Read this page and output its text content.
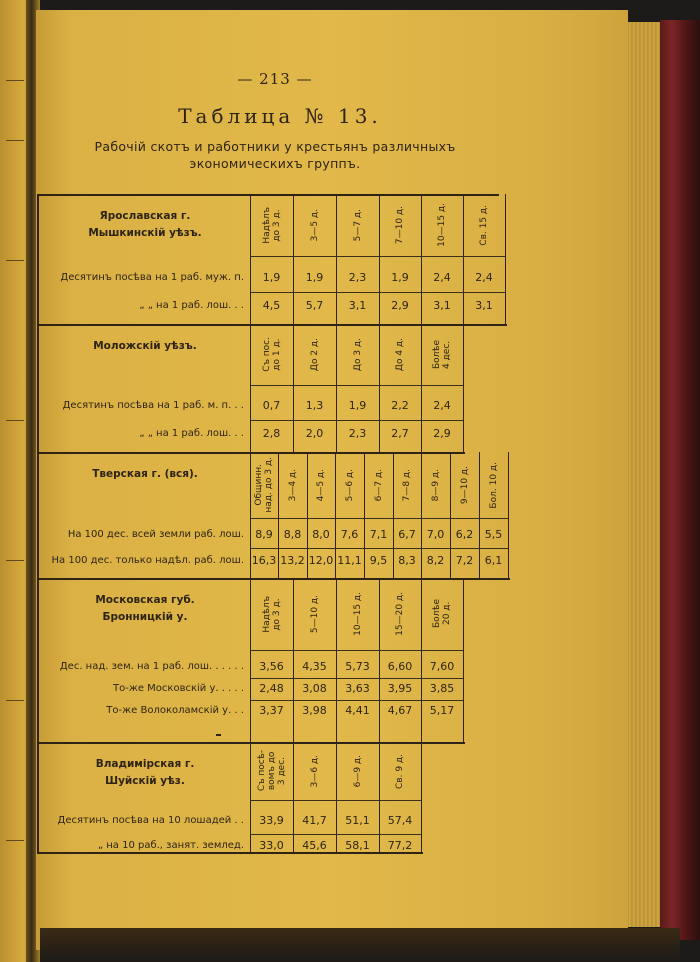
— 213 —
Таблица № 13.
Рабочій скотъ и работники у крестьянъ различныхъ экономическихъ группъ.
Ярославская г.
Мышкинскій уѣзъ.	Надѣлъ
до 3 д.	3—5 д.	5—7 д.	7—10 д.	10—15 д.	Св. 15 д.
Десятинъ посѣва на 1 раб. муж. п.	1,9	1,9	2,3	1,9	2,4	2,4
„ „ на 1 раб. лош. . .	4,5	5,7	3,1	2,9	3,1	3,1
Моложскій уѣзъ.
Съ пос.
до 1 д.	До 2 д.	До 3 д.	До 4 д.	Болѣе
4 дес.
Десятинъ посѣва на 1 раб. м. п. . .	0,7	1,3	1,9	2,2	2,4
„ „ на 1 раб. лош. . .	2,8	2,0	2,3	2,7	2,9
Тверская г. (вся).	Общинн.
над. до 3 д.
3—4 д. 4—5 д. 5—6 д. 6—7 д. 7—8 д. 8—9 д. 9—10 д. Бол. 10 д.
На 100 дес. всей земли раб. лош.	8,9	8,8	8,0	7,6	7,1	6,7	7,0	6,2	5,5
На 100 дес. только надѣл. раб. лош. 16,3 13,2 12,0 11,1 9,5	8,3	8,2	7,2	6,1
Московская губ.
Бронницкій у.	Надѣлъ
до 3 д.	5—10 д.	10—15 д.	15—20 д.	Болѣе
20 д.
Дес. над. зем. на 1 раб. лош. . . . . .	3,56	4,35	5,73	6,60	7,60
То-же Московскій у. . . . .	2,48	3,08	3,63	3,95	3,85
То-же Волоколамскій у. . .	3,37	3,98	4,41	4,67	5,17
Владимірская г.
Шуйскій уѣз.	Съ посѣ-
вомъ до
3 дес.	3—6 д.	6—9 д.	Св. 9 д.
Десятинъ посѣва на 10 лошадей . .	33,9	41,7	51,1	57,4
„ на 10 раб., занят. землед.	33,0	45,6	58,1	77,2
